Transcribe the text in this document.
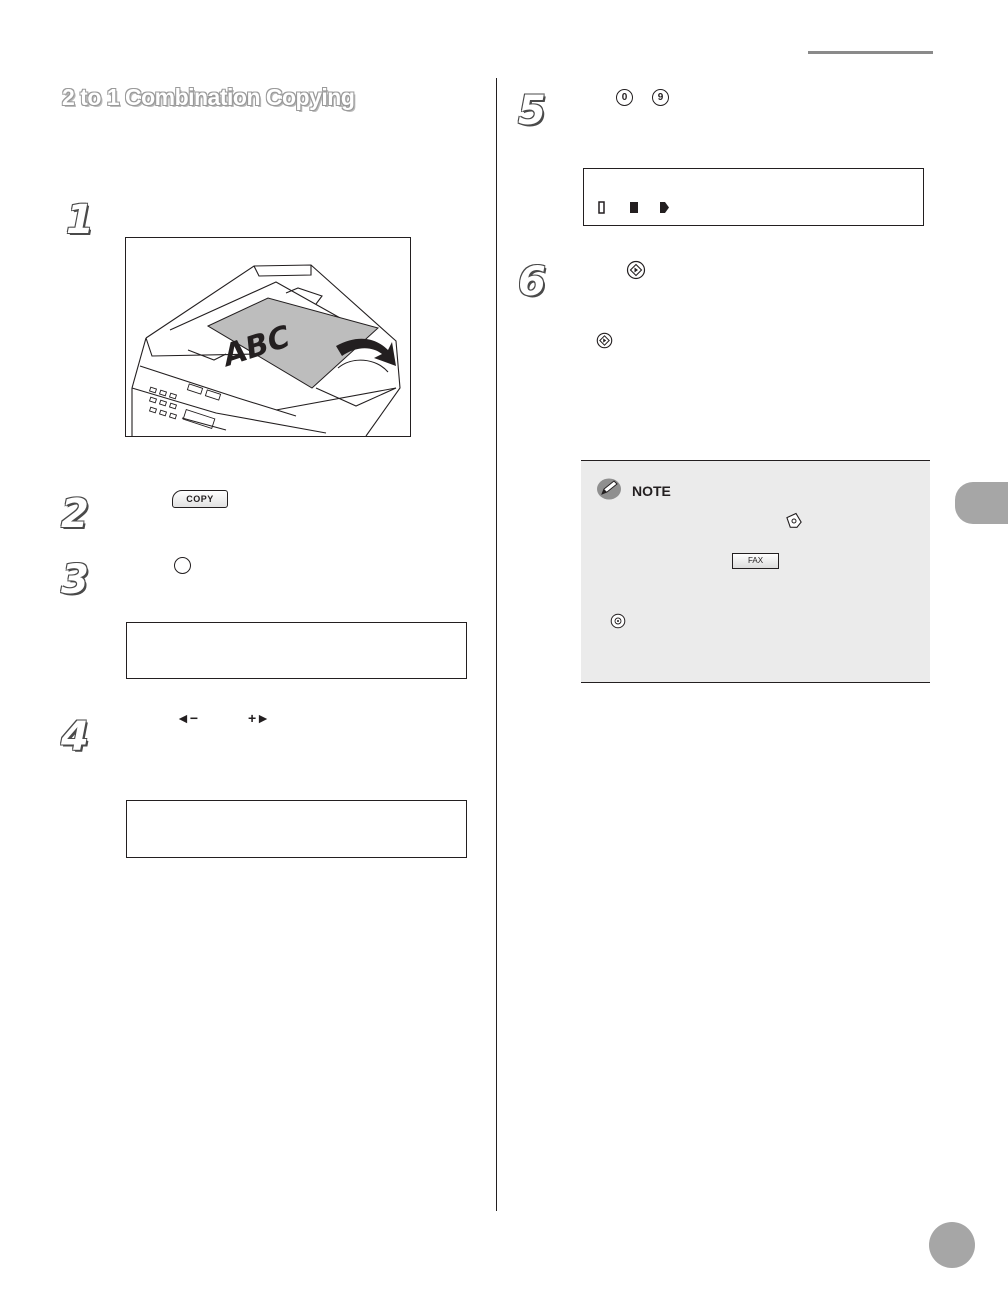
2 to 1 Combination Copying
1
2
3
4
5
6
ABC
COPY
◄−	+►
0	9
NOTE
FAX
